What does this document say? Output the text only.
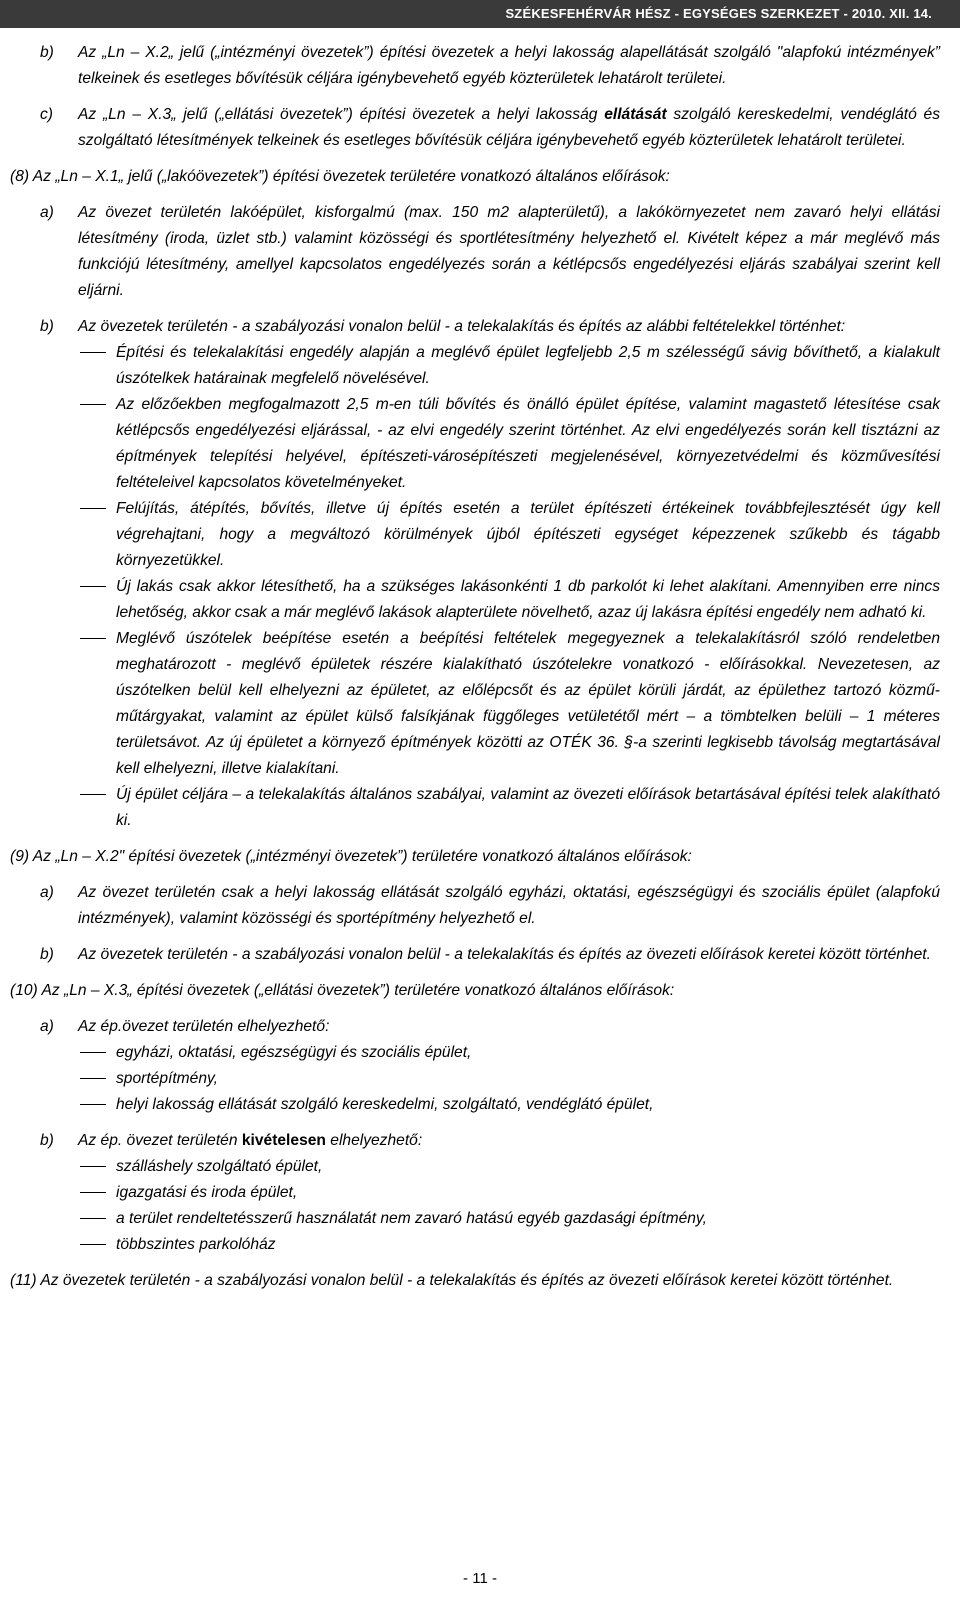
SZÉKESFEHÉRVÁR HÉSZ - EGYSÉGES SZERKEZET - 2010. XII. 14.
b) Az „Ln – X.2„ jelű („intézményi övezetek”) építési övezetek a helyi lakosság alapellátását szolgáló "alapfokú intézmények” telkeinek és esetleges bővítésük céljára igénybevehető egyéb közterületek lehatárolt területei.
c) Az „Ln – X.3„ jelű („ellátási övezetek”) építési övezetek a helyi lakosság ellátását szolgáló kereskedelmi, vendéglátó és szolgáltató létesítmények telkeinek és esetleges bővítésük céljára igénybevehető egyéb közterületek lehatárolt területei.
(8) Az „Ln – X.1„ jelű („lakóövezetek”) építési övezetek területére vonatkozó általános előírások:
a) Az övezet területén lakóépület, kisforgalmú (max. 150 m2 alapterületű), a lakókörnyezetet nem zavaró helyi ellátási létesítmény (iroda, üzlet stb.) valamint közösségi és sportlétesítmény helyezhető el. Kivételt képez a már meglévő más funkciójú létesítmény, amellyel kapcsolatos engedélyezés során a kétlépcsős engedélyezési eljárás szabályai szerint kell eljárni.
b) Az övezetek területén - a szabályozási vonalon belül - a telekalakítás és építés az alábbi feltételekkel történhet:
Építési és telekalakítási engedély alapján a meglévő épület legfeljebb 2,5 m szélességű sávig bővíthető, a kialakult úszótelkek határainak megfelelő növelésével.
Az előzőekben megfogalmazott 2,5 m-en túli bővítés és önálló épület építése, valamint magastető létesítése csak kétlépcsős engedélyezési eljárással, - az elvi engedély szerint történhet. Az elvi engedélyezés során kell tisztázni az építmények telepítési helyével, építészeti-városépítészeti megjelenésével, környezetvédelmi és közművesítési feltételeivel kapcsolatos követelményeket.
Felújítás, átépítés, bővítés, illetve új építés esetén a terület építészeti értékeinek továbbfejlesztését úgy kell végrehajtani, hogy a megváltozó körülmények újból építészeti egységet képezzenek szűkebb és tágabb környezetükkel.
Új lakás csak akkor létesíthető, ha a szükséges lakásonkénti 1 db parkolót ki lehet alakítani. Amennyiben erre nincs lehetőség, akkor csak a már meglévő lakások alapterülete növelhető, azaz új lakásra építési engedély nem adható ki.
Meglévő úszótelek beépítése esetén a beépítési feltételek megegyeznek a telekalakításról szóló rendeletben meghatározott - meglévő épületek részére kialakítható úszótelekre vonatkozó - előírásokkal. Nevezetesen, az úszótelken belül kell elhelyezni az épületet, az előlépcsőt és az épület körüli járdát, az épülethez tartozó közmű-műtárgyakat, valamint az épület külső falsíkjának függőleges vetületétől mért – a tömbtelken belüli – 1 méteres területsávot. Az új épületet a környező építmények közötti az OTÉK 36. §-a szerinti legkisebb távolság megtartásával kell elhelyezni, illetve kialakítani.
Új épület céljára – a telekalakítás általános szabályai, valamint az övezeti előírások betartásával építési telek alakítható ki.
(9) Az „Ln – X.2" építési övezetek („intézményi övezetek”) területére vonatkozó általános előírások:
a) Az övezet területén csak a helyi lakosság ellátását szolgáló egyházi, oktatási, egészségügyi és szociális épület (alapfokú intézmények), valamint közösségi és sportépítmény helyezhető el.
b) Az övezetek területén - a szabályozási vonalon belül - a telekalakítás és építés az övezeti előírások keretei között történhet.
(10) Az „Ln – X.3„ építési övezetek („ellátási övezetek”) területére vonatkozó általános előírások:
a) Az ép.övezet területén elhelyezhető:
egyházi, oktatási, egészségügyi és szociális épület,
sportépítmény,
helyi lakosság ellátását szolgáló kereskedelmi, szolgáltató, vendéglátó épület,
b) Az ép. övezet területén kivételesen elhelyezhető:
szálláshely szolgáltató épület,
igazgatási és iroda épület,
a terület rendeltetésszerű használatát nem zavaró hatású egyéb gazdasági építmény,
többszintes parkolóház
(11) Az övezetek területén - a szabályozási vonalon belül - a telekalakítás és építés az övezeti előírások keretei között történhet.
- 11 -
